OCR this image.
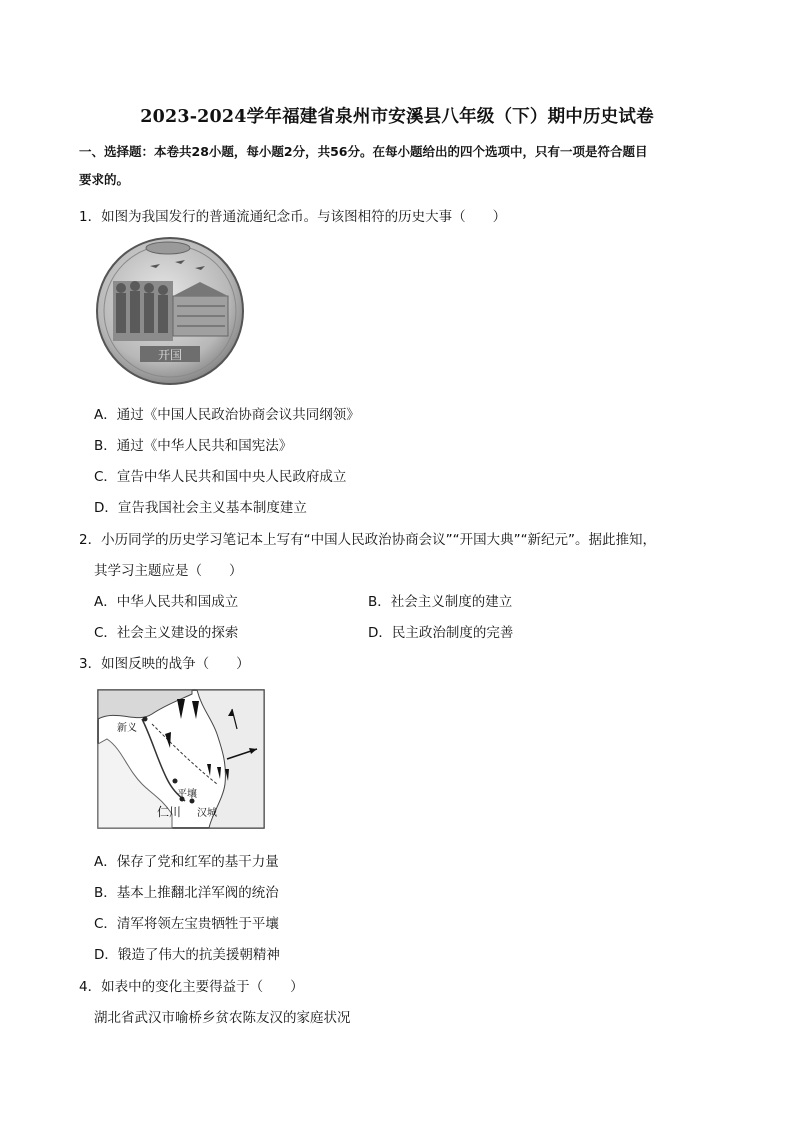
2023-2024学年福建省泉州市安溪县八年级（下）期中历史试卷
一、选择题：本卷共28小题，每小题2分，共56分。在每小题给出的四个选项中，只有一项是符合题目
要求的。
1．如图为我国发行的普通流通纪念币。与该图相符的历史大事（　　）
开国
A．通过《中国人民政治协商会议共同纲领》
B．通过《中华人民共和国宪法》
C．宣告中华人民共和国中央人民政府成立
D．宣告我国社会主义基本制度建立
2．小历同学的历史学习笔记本上写有“中国人民政治协商会议”“开国大典”“新纪元”。据此推知，
其学习主题应是（　　）
A．中华人民共和国成立	B．社会主义制度的建立
C．社会主义建设的探索	D．民主政治制度的完善
3．如图反映的战争（　　）
新义
平壤
仁川 汉城
A．保存了党和红军的基干力量
B．基本上推翻北洋军阀的统治
C．清军将领左宝贵牺牲于平壤
D．锻造了伟大的抗美援朝精神
4．如表中的变化主要得益于（　　）
湖北省武汉市喻桥乡贫农陈友汉的家庭状况
